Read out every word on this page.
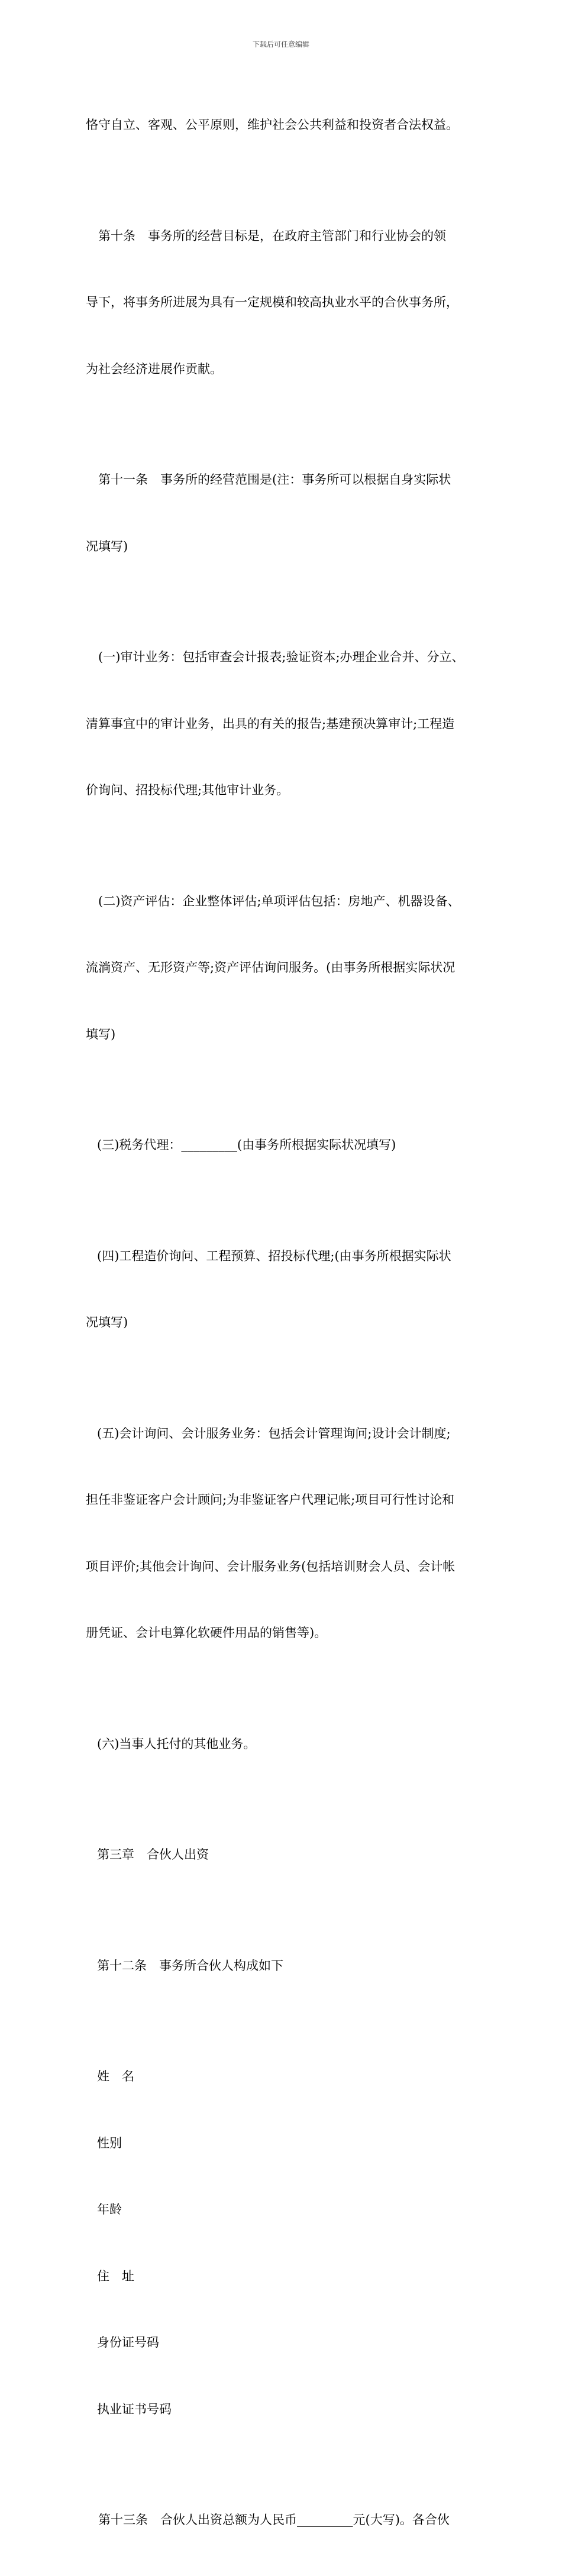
下载后可任意编辑

恪守自立、客观、公平原则，维护社会公共利益和投资者合法权益。

第十条　事务所的经营目标是，在政府主管部门和行业协会的领

导下，将事务所进展为具有一定规模和较高执业水平的合伙事务所，

为社会经济进展作贡献。

第十一条　事务所的经营范围是(注：事务所可以根据自身实际状

况填写)

(一)审计业务：包括审查会计报表;验证资本;办理企业合并、分立、

清算事宜中的审计业务，出具的有关的报告;基建预决算审计;工程造

价询问、招投标代理;其他审计业务。

(二)资产评估：企业整体评估;单项评估包括：房地产、机器设备、

流淌资产、无形资产等;资产评估询问服务。(由事务所根据实际状况

填写)

(三)税务代理：_________(由事务所根据实际状况填写)

(四)工程造价询问、工程预算、招投标代理;(由事务所根据实际状

况填写)

(五)会计询问、会计服务业务：包括会计管理询问;设计会计制度;

担任非鉴证客户会计顾问;为非鉴证客户代理记帐;项目可行性讨论和

项目评价;其他会计询问、会计服务业务(包括培训财会人员、会计帐

册凭证、会计电算化软硬件用品的销售等)。

(六)当事人托付的其他业务。

第三章　合伙人出资

第十二条　事务所合伙人构成如下

姓　名

性别

年龄

住　址

身份证号码

执业证书号码

第十三条　合伙人出资总额为人民币_________元(大写)。各合伙
